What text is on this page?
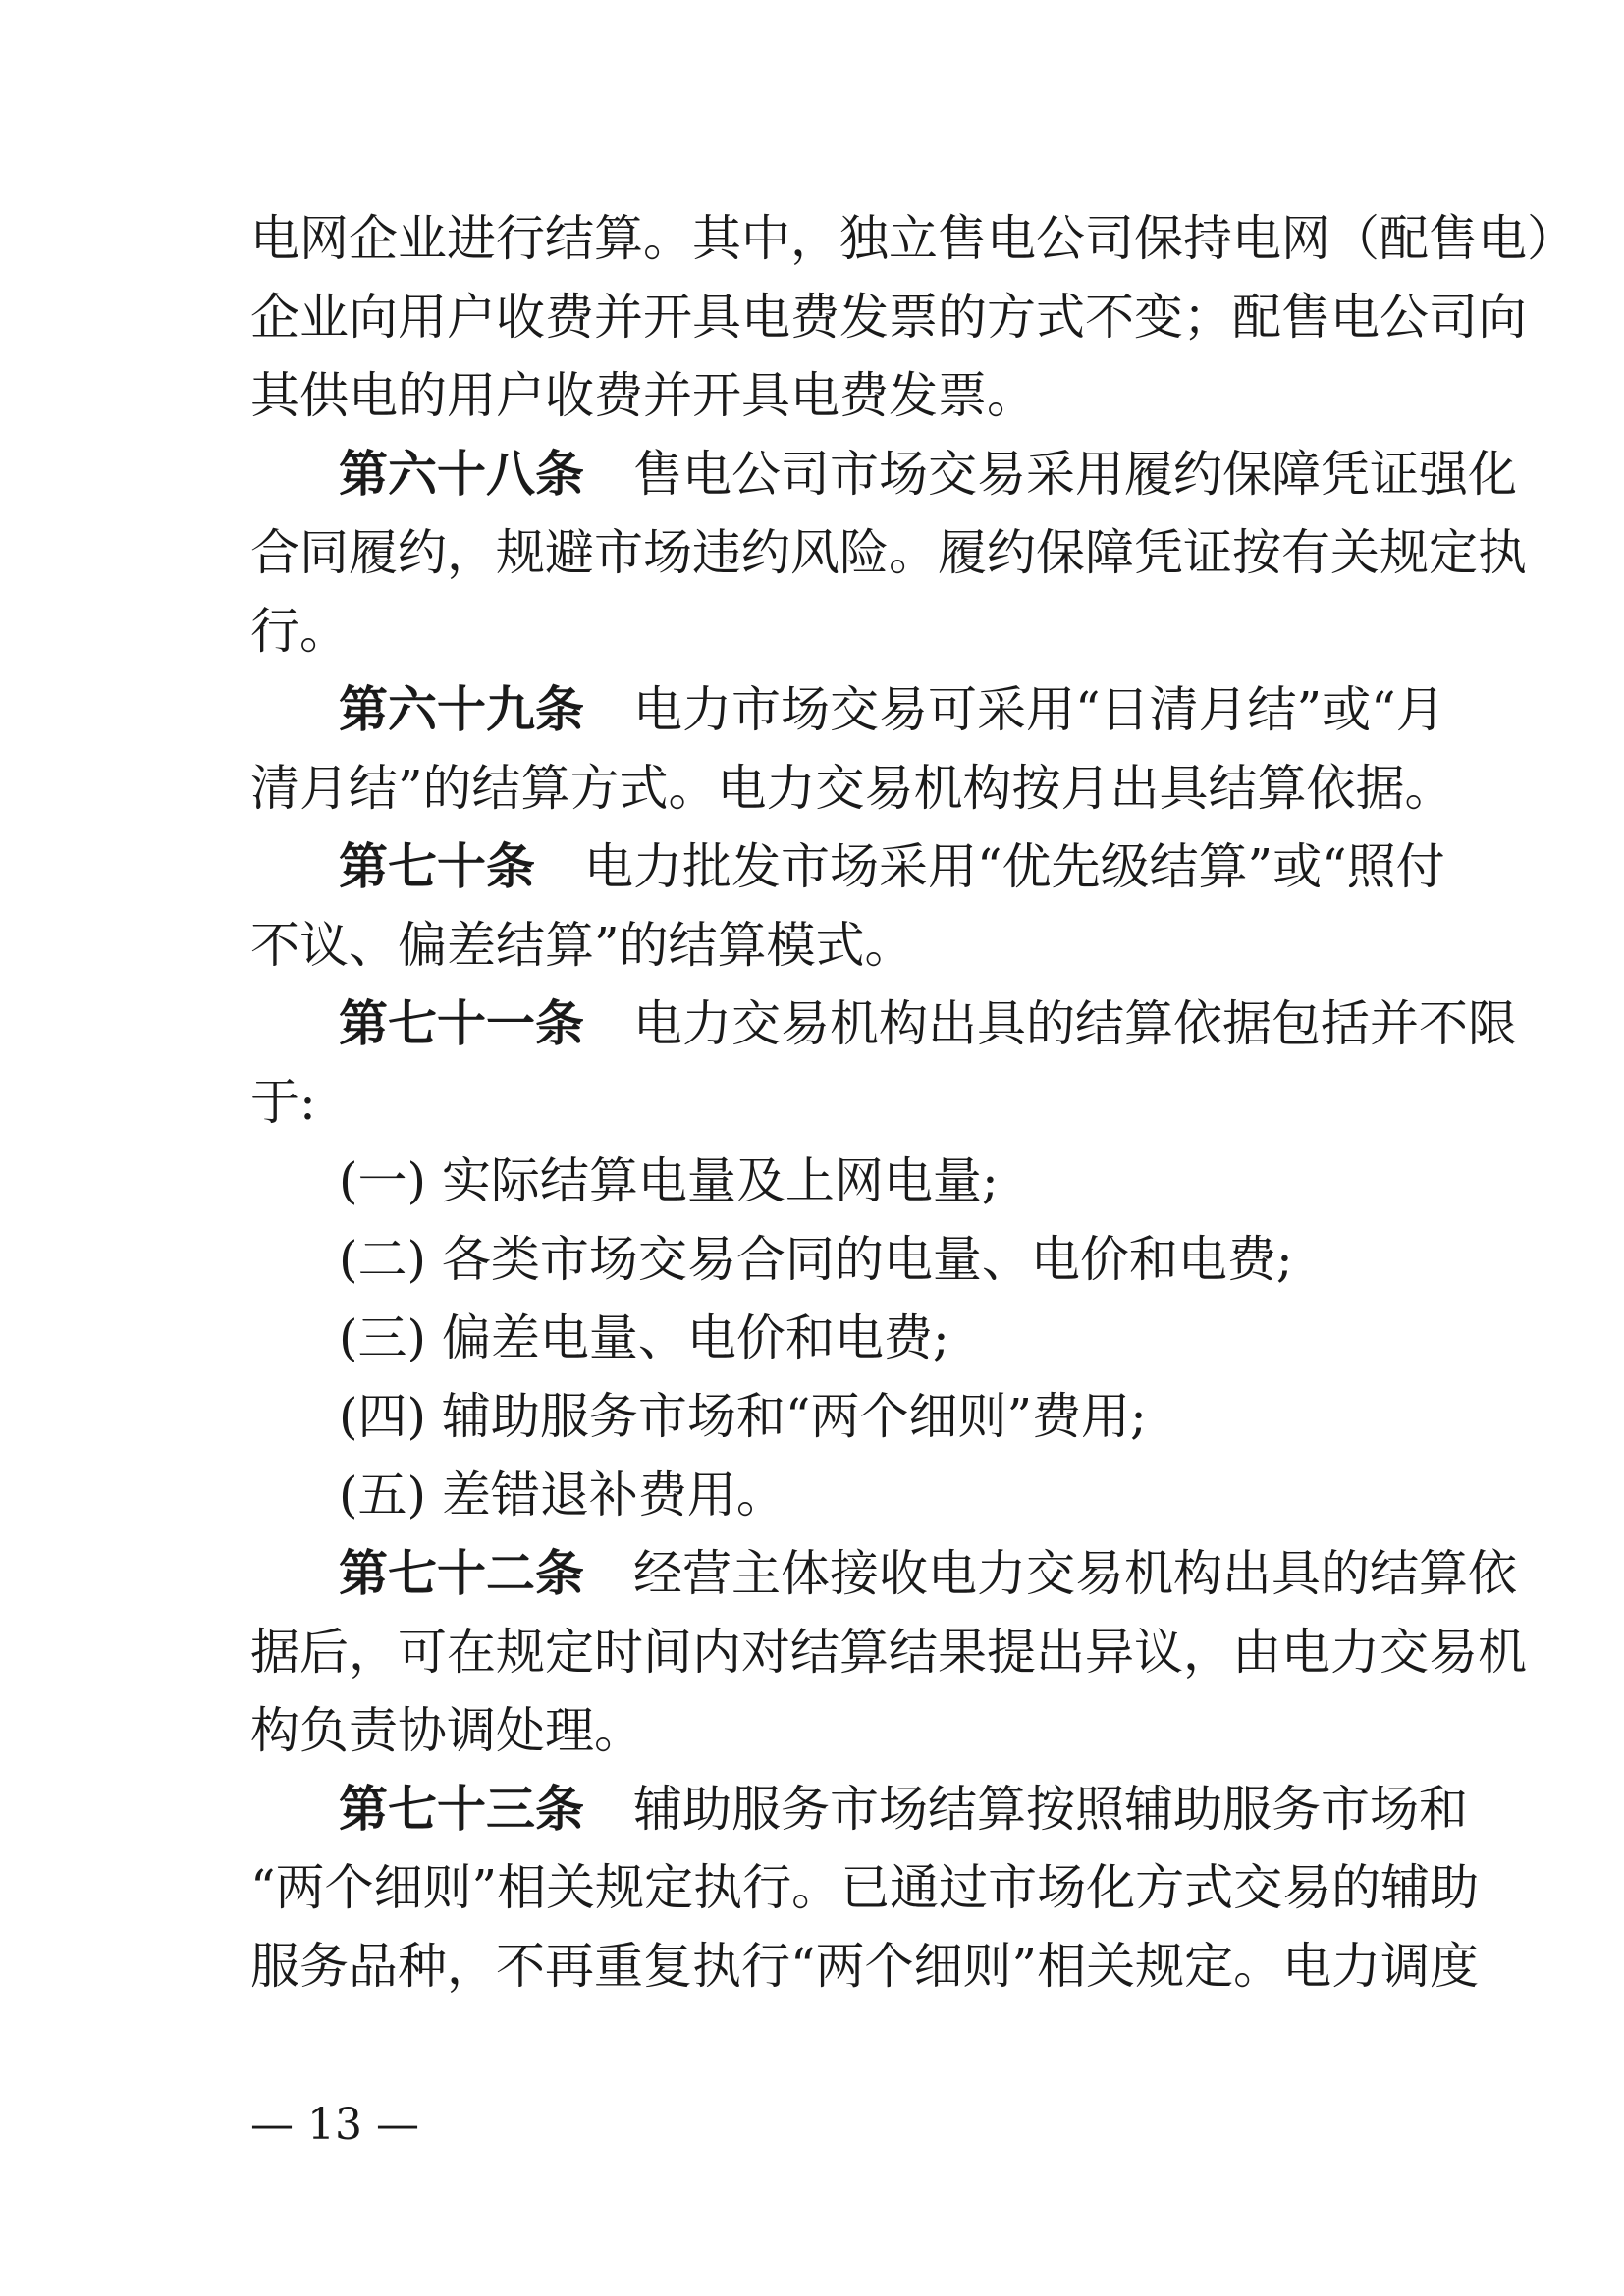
电网企业进行结算。其中，独立售电公司保持电网（配售电）
企业向用户收费并开具电费发票的方式不变；配售电公司向
其供电的用户收费并开具电费发票。
第六十八条　 售电公司市场交易采用履约保障凭证强化
合同履约，规避市场违约风险。履约保障凭证按有关规定执
行。
第六十九条　 电力市场交易可采用“日清月结”或“月
清月结”的结算方式。电力交易机构按月出具结算依据。
第七十条　 电力批发市场采用“优先级结算”或“照付
不议、偏差结算”的结算模式。
第七十一条　 电力交易机构出具的结算依据包括并不限
于:
(一) 实际结算电量及上网电量;
(二) 各类市场交易合同的电量、电价和电费;
(三) 偏差电量、电价和电费;
(四) 辅助服务市场和“两个细则”费用;
(五) 差错退补费用。
第七十二条　 经营主体接收电力交易机构出具的结算依
据后，可在规定时间内对结算结果提出异议，由电力交易机
构负责协调处理。
第七十三条　 辅助服务市场结算按照辅助服务市场和
“两个细则”相关规定执行。已通过市场化方式交易的辅助
服务品种，不再重复执行“两个细则”相关规定。电力调度
— 13 —
